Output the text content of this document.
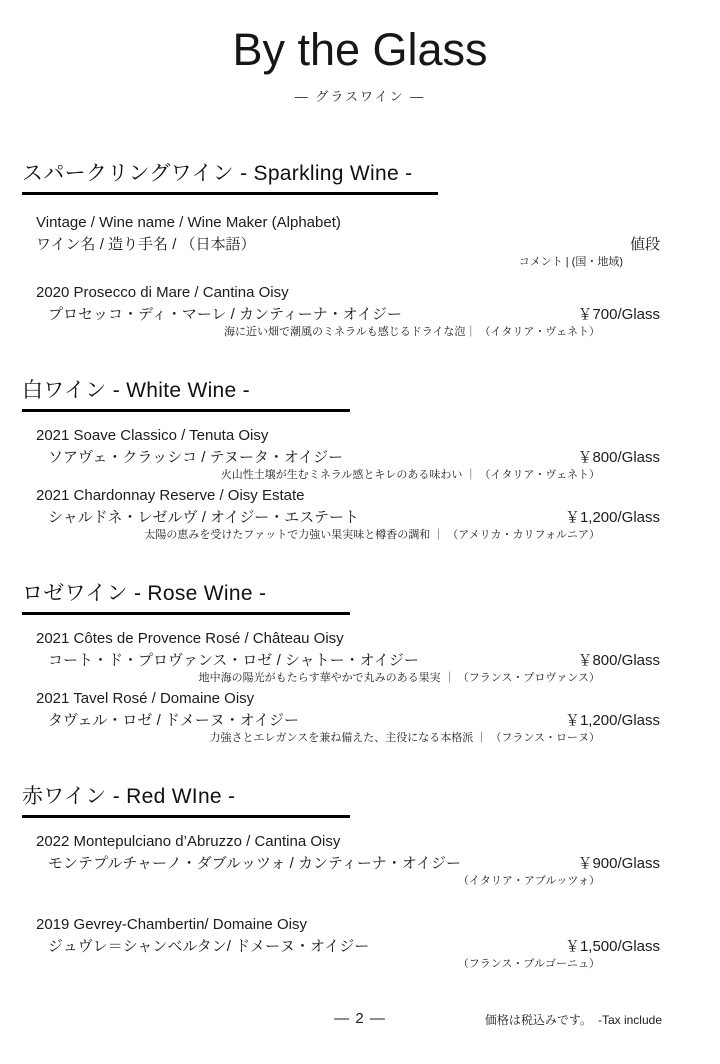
By the Glass
— グラスワイン —
スパークリングワイン - Sparkling Wine -
Vintage / Wine name / Wine Maker (Alphabet)
ワイン名 / 造り手名 / （日本語）	値段
コメント | (国・地域)
2020 Prosecco di Mare / Cantina Oisy
プロセッコ・ディ・マーレ / カンティーナ・オイジー	￥700/Glass
海に近い畑で潮風のミネラルも感じるドライな泡｜ （イタリア・ヴェネト）
白ワイン - White Wine -
2021 Soave Classico / Tenuta Oisy
ソアヴェ・クラッシコ / テヌータ・オイジー	￥800/Glass
火山性土壌が生むミネラル感とキレのある味わい ｜ （イタリア・ヴェネト）
2021 Chardonnay Reserve / Oisy Estate
シャルドネ・レゼルヴ / オイジー・エステート	￥1,200/Glass
太陽の恵みを受けたファットで力強い果実味と樽香の調和 ｜ （アメリカ・カリフォルニア）
ロゼワイン - Rose Wine -
2021 Côtes de Provence Rosé / Château Oisy
コート・ド・プロヴァンス・ロゼ / シャトー・オイジー	￥800/Glass
地中海の陽光がもたらす華やかで丸みのある果実 ｜ （フランス・プロヴァンス）
2021 Tavel Rosé / Domaine Oisy
タヴェル・ロゼ / ドメーヌ・オイジー	￥1,200/Glass
力強さとエレガンスを兼ね備えた、主役になる本格派 ｜ （フランス・ローヌ）
赤ワイン - Red WIne -
2022 Montepulciano d’Abruzzo / Cantina Oisy
モンテプルチャーノ・ダブルッツォ / カンティーナ・オイジー	￥900/Glass
（イタリア・アブルッツォ）
2019 Gevrey-Chambertin/ Domaine Oisy
ジュヴレ＝シャンベルタン/ ドメーヌ・オイジー	￥1,500/Glass
（フランス・ブルゴーニュ）
— 2 —	価格は税込みです。　-Tax include
